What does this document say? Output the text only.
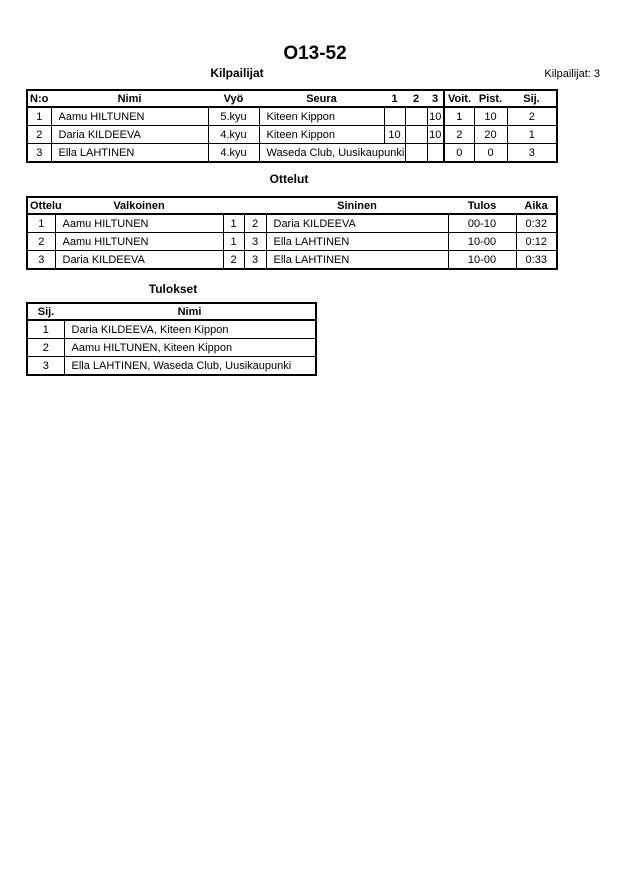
O13-52
Kilpailijat: 3
Kilpailijat
N:o	Nimi	Vyö	Seura	1	2	3	Voit.	Pist.	Sij.
1	Aamu HILTUNEN	5.kyu	Kiteen Kippon			10	1	10	2
2	Daria KILDEEVA	4.kyu	Kiteen Kippon	10		10	2	20	1
3	Ella LAHTINEN	4.kyu	Waseda Club, Uusikaupunki				0	0	3
Ottelut
Ottelu	Valkoinen			Sininen	Tulos	Aika
1	Aamu HILTUNEN	1	2	Daria KILDEEVA	00-10	0:32
2	Aamu HILTUNEN	1	3	Ella LAHTINEN	10-00	0:12
3	Daria KILDEEVA	2	3	Ella LAHTINEN	10-00	0:33
Tulokset
Sij.	Nimi
1	Daria KILDEEVA, Kiteen Kippon
2	Aamu HILTUNEN, Kiteen Kippon
3	Ella LAHTINEN, Waseda Club, Uusikaupunki
